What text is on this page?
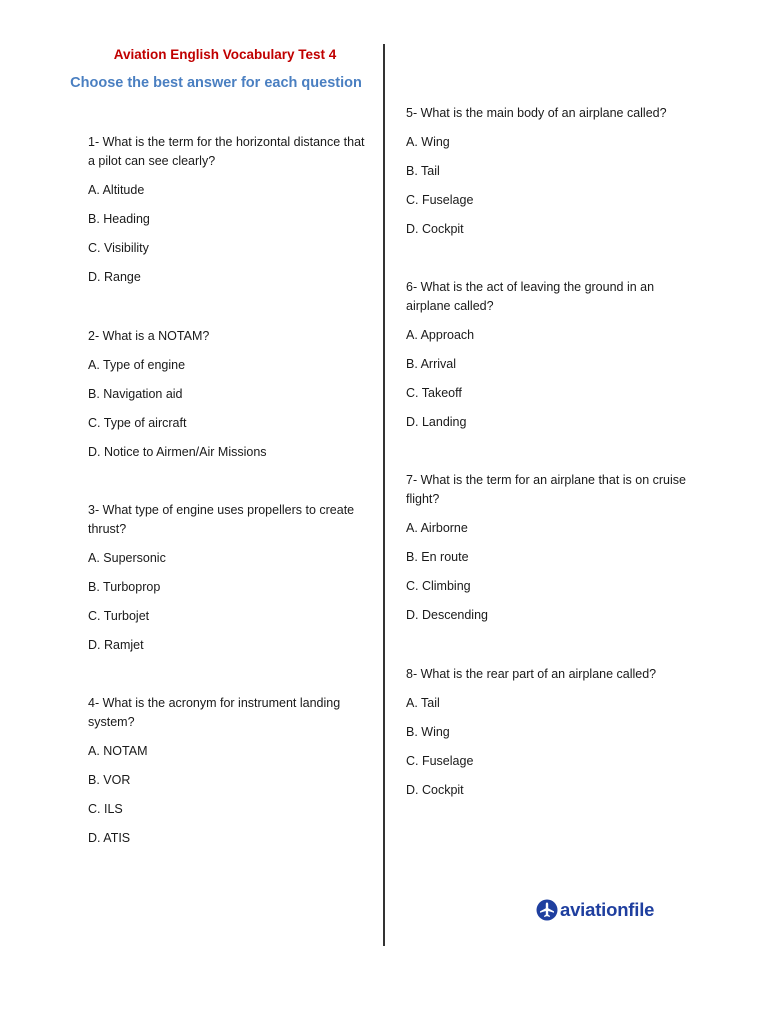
Aviation English Vocabulary Test 4
Choose the best answer for each question

1- What is the term for the horizontal distance that a pilot can see clearly?

A. Altitude

B. Heading

C. Visibility

D. Range

2- What is a NOTAM?

A. Type of engine

B. Navigation aid

C. Type of aircraft

D. Notice to Airmen/Air Missions

3- What type of engine uses propellers to create thrust?

A. Supersonic

B. Turboprop

C. Turbojet

D. Ramjet

4- What is the acronym for instrument landing system?

A. NOTAM

B. VOR

C. ILS

D. ATIS

5- What is the main body of an airplane called?

A. Wing

B. Tail

C. Fuselage

D. Cockpit

6- What is the act of leaving the ground in an airplane called?

A. Approach

B. Arrival

C. Takeoff

D. Landing

7- What is the term for an airplane that is on cruise flight?

A. Airborne

B. En route

C. Climbing

D. Descending

8- What is the rear part of an airplane called?

A. Tail

B. Wing

C. Fuselage

D. Cockpit

aviationfile
